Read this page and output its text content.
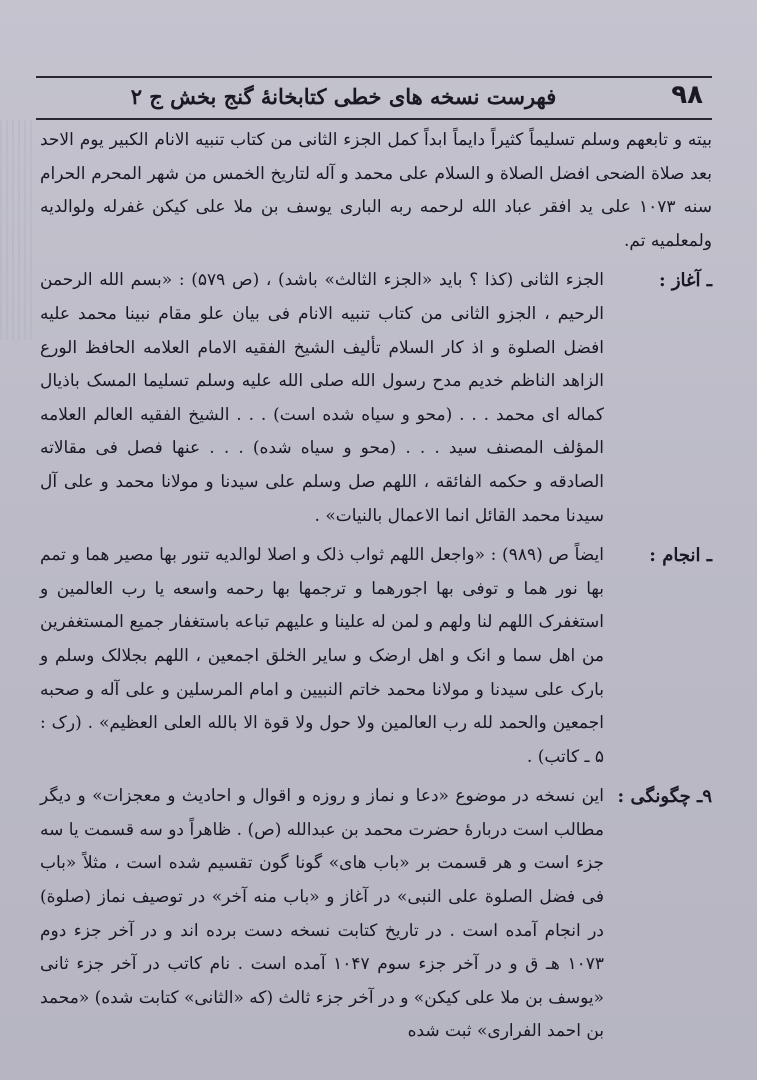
۹۸
فهرست نسخه های خطی کتابخانهٔ گنج بخش ج ۲
بیته و تابعهم وسلم تسلیماً کثیراً دایماً ابداً کمل الجزء الثانی من کتاب تنبیه الانام الکبیر یوم الاحد بعد صلاة الضحی افضل الصلاة و السلام علی محمد و آله لتاریخ الخمس من شهر المحرم الحرام سنه ۱۰۷۳ علی ید افقر عباد الله لرحمه ربه الباری یوسف بن ملا علی کیکن غفرله ولوالدیه ولمعلمیه تم.
ـ آغاز :
الجزء الثانی (کذا ؟ باید «الجزء الثالث» باشد) ، (ص ۵۷۹) : «بسم الله الرحمن الرحیم ، الجزو الثانی من کتاب تنبیه الانام فی بیان علو مقام نبینا محمد علیه افضل الصلوة و اذ کار السلام تألیف الشیخ الفقیه الامام العلامه الحافظ الورع الزاهد الناظم خدیم مدح رسول الله صلی الله علیه وسلم تسلیما المسک باذیال کماله ای محمد . . . (محو و سیاه شده است) . . . الشیخ الفقیه العالم العلامه المؤلف المصنف سید . . . (محو و سیاه شده) . . . عنها فصل فی مقالاته الصادقه و حکمه الفائقه ، اللهم صل وسلم علی سیدنا و مولانا محمد و علی آل سیدنا محمد القائل انما الاعمال بالنیات» .
ـ انجام :
ایضاً ص (۹۸۹) : «واجعل اللهم ثواب ذلک و اصلا لوالدیه تنور بها مصیر هما و تمم بها نور هما و توفی بها اجورهما و ترجمها بها رحمه واسعه یا رب العالمین و استغفرک اللهم لنا ولهم و لمن له علینا و علیهم تباعه باستغفار جمیع المستغفرین من اهل سما و انک و اهل ارضک و سایر الخلق اجمعین ، اللهم بجلالک وسلم و بارک علی سیدنا و مولانا محمد خاتم النبیین و امام المرسلین و علی آله و صحبه اجمعین والحمد لله رب العالمین ولا حول ولا قوة الا بالله العلی العظیم» . (رک : ۵ ـ کاتب) .
۹ـ چگونگی :
این نسخه در موضوع «دعا و نماز و روزه و اقوال و احادیث و معجزات» و دیگر مطالب است دربارهٔ حضرت محمد بن عبدالله (ص) . ظاهراً دو سه قسمت یا سه جزء است و هر قسمت بر «باب های» گونا گون تقسیم شده است ، مثلاً «باب فی فضل الصلوة علی النبی» در آغاز و «باب منه آخر» در توصیف نماز (صلوة) در انجام آمده است . در تاریخ کتابت نسخه دست برده اند و در آخر جزء دوم ۱۰۷۳ هـ ق و در آخر جزء سوم ۱۰۴۷ آمده است . نام کاتب در آخر جزء ثانی «یوسف بن ملا علی کیکن» و در آخر جزء ثالث (که «الثانی» کتابت شده) «محمد بن احمد الفراری» ثبت شده
